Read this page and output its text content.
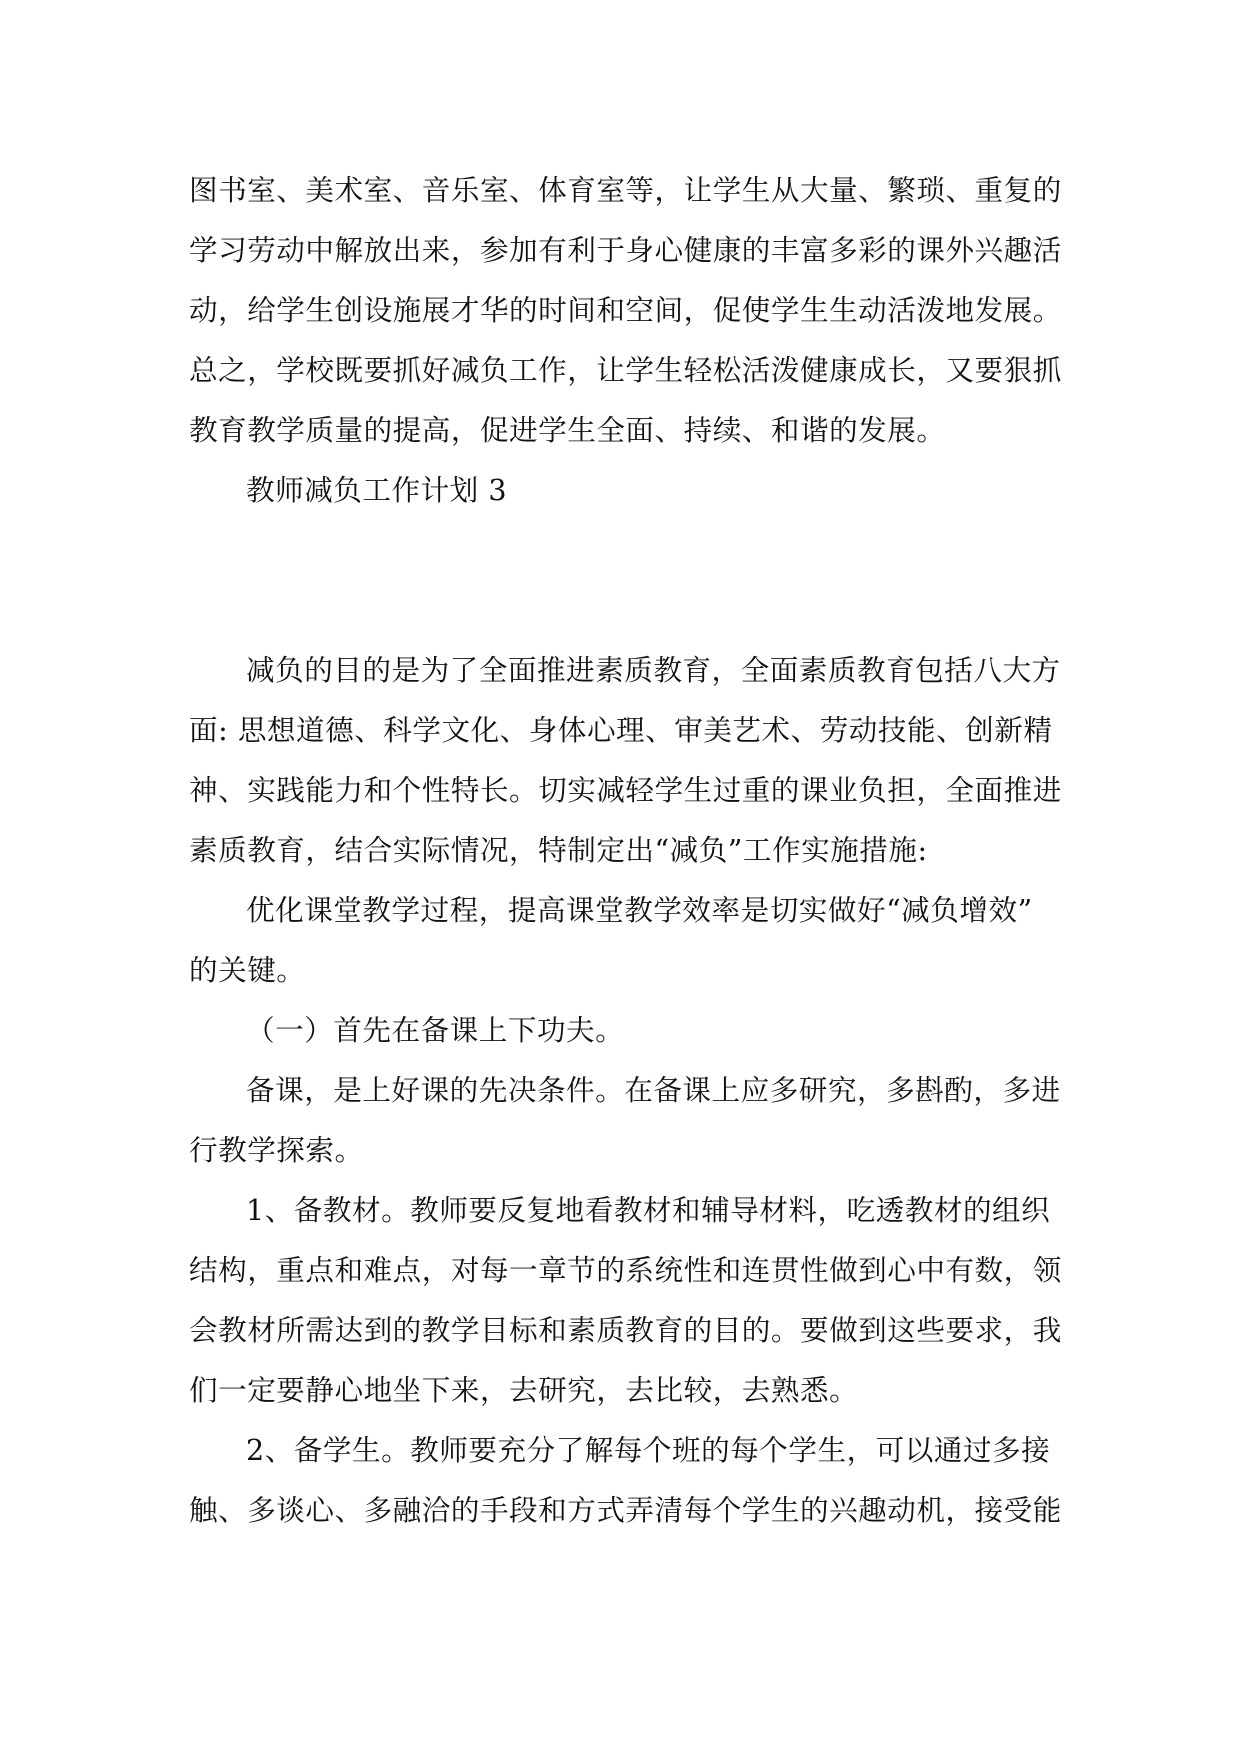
图书室、美术室、音乐室、体育室等，让学生从大量、繁琐、重复的
学习劳动中解放出来，参加有利于身心健康的丰富多彩的课外兴趣活
动，给学生创设施展才华的时间和空间，促使学生生动活泼地发展。
总之，学校既要抓好减负工作，让学生轻松活泼健康成长，又要狠抓
教育教学质量的提高，促进学生全面、持续、和谐的发展。
教师减负工作计划 3
减负的目的是为了全面推进素质教育，全面素质教育包括八大方
面: 思想道德、科学文化、身体心理、审美艺术、劳动技能、创新精
神、实践能力和个性特长。切实减轻学生过重的课业负担，全面推进
素质教育，结合实际情况，特制定出“减负”工作实施措施:
优化课堂教学过程，提高课堂教学效率是切实做好“减负增效”
的关键。
（一）首先在备课上下功夫。
备课，是上好课的先决条件。在备课上应多研究，多斟酌，多进
行教学探索。
1、备教材。教师要反复地看教材和辅导材料，吃透教材的组织
结构，重点和难点，对每一章节的系统性和连贯性做到心中有数，领
会教材所需达到的教学目标和素质教育的目的。要做到这些要求，我
们一定要静心地坐下来，去研究，去比较，去熟悉。
2、备学生。教师要充分了解每个班的每个学生，可以通过多接
触、多谈心、多融洽的手段和方式弄清每个学生的兴趣动机，接受能
